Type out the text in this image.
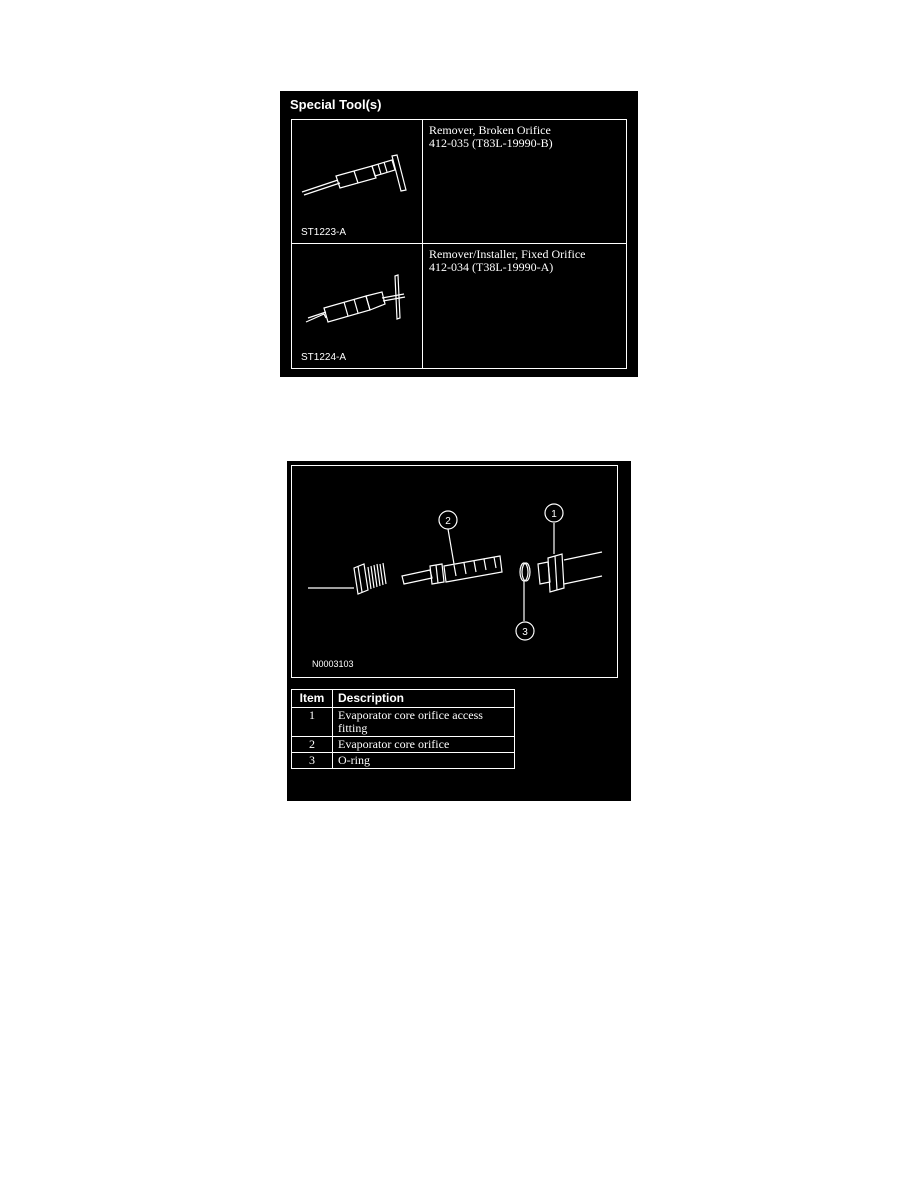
Special Tool(s)
ST1223-A
Remover, Broken Orifice
412-035 (T83L-19990-B)
ST1224-A
Remover/Installer, Fixed Orifice
412-034 (T38L-19990-A)
2
1
3
N0003103
Item	Description
1	Evaporator core orifice access fitting
2	Evaporator core orifice
3	O-ring
